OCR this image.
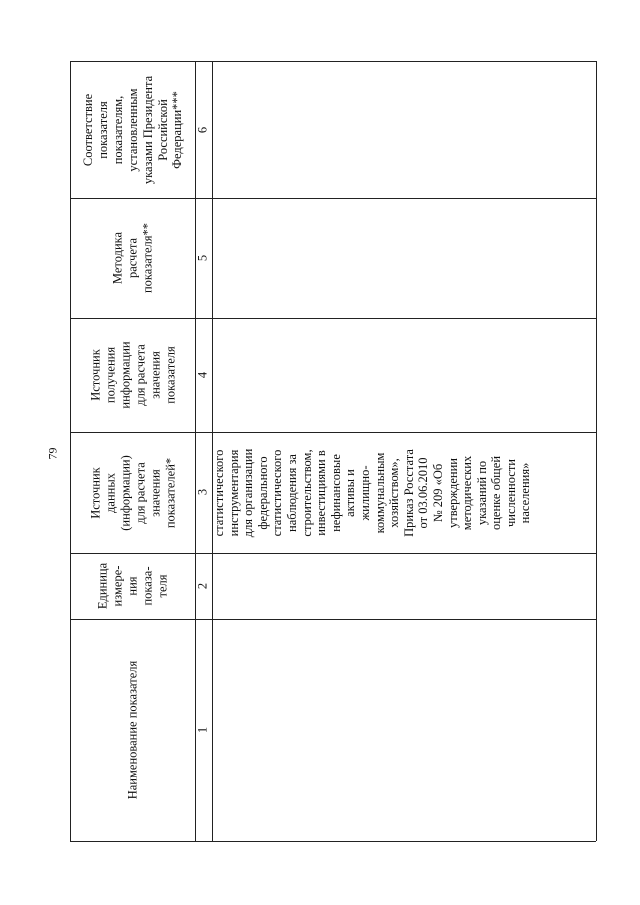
79
Наименование показателя
Единица измере- ния показа- теля
Источник данных (информации) для расчета значения показателей*
Источник получения информации для расчета значения показателя
Методика расчета показателя**
Соответствие показателя показателям, установленным указами Президента Российской Федерации***
1
2
3
4
5
6
статистического инструментария для организации федерального статистического наблюдения за строительством, инвестициями в нефинансовые активы и жилищно- коммунальным хозяйством», Приказ Росстата от 03.06.2010 № 209 «Об утверждении методических указаний по оценке общей численности населения»
